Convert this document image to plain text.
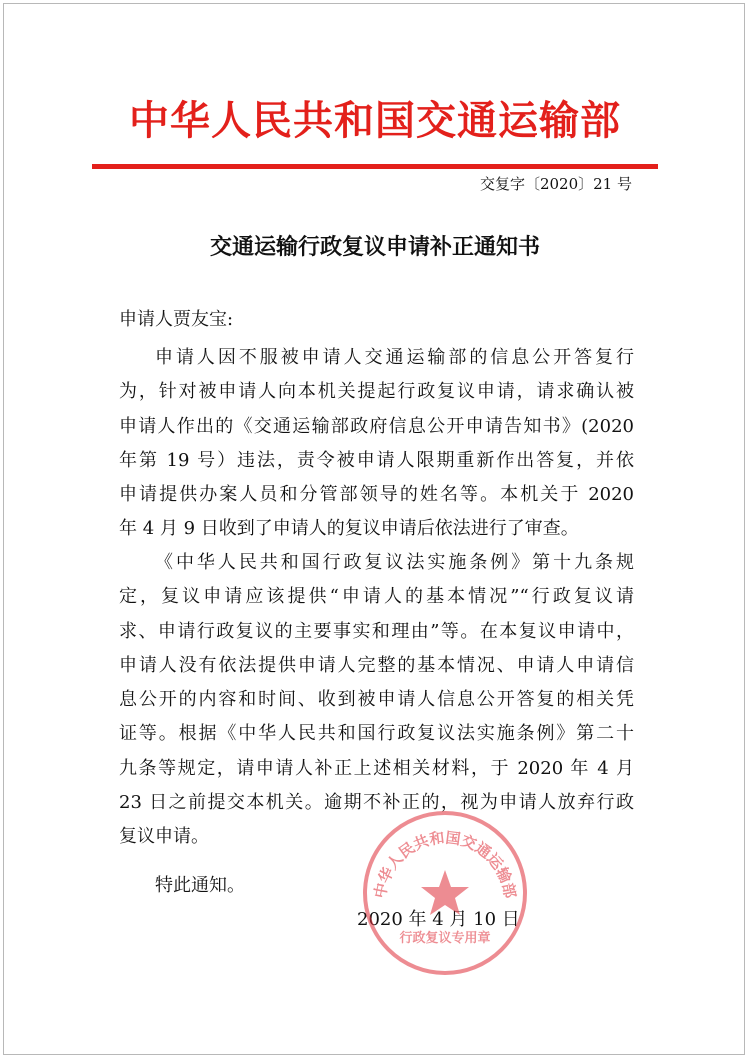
中华人民共和国交通运输部
交复字〔2020〕21 号
交通运输行政复议申请补正通知书
申请人贾友宝:
申请人因不服被申请人交通运输部的信息公开答复行
为，针对被申请人向本机关提起行政复议申请，请求确认被
申请人作出的《交通运输部政府信息公开申请告知书》(2020
年第 19 号）违法，责令被申请人限期重新作出答复，并依
申请提供办案人员和分管部领导的姓名等。本机关于 2020
年 4 月 9 日收到了申请人的复议申请后依法进行了审查。
《中华人民共和国行政复议法实施条例》第十九条规
定，复议申请应该提供“申请人的基本情况”“行政复议请
求、申请行政复议的主要事实和理由”等。在本复议申请中，
申请人没有依法提供申请人完整的基本情况、申请人申请信
息公开的内容和时间、收到被申请人信息公开答复的相关凭
证等。根据《中华人民共和国行政复议法实施条例》第二十
九条等规定，请申请人补正上述相关材料，于 2020 年 4 月
23 日之前提交本机关。逾期不补正的，视为申请人放弃行政
复议申请。
特此通知。
2020 年 4 月 10 日
中华人民共和国交通运输部
行政复议专用章
